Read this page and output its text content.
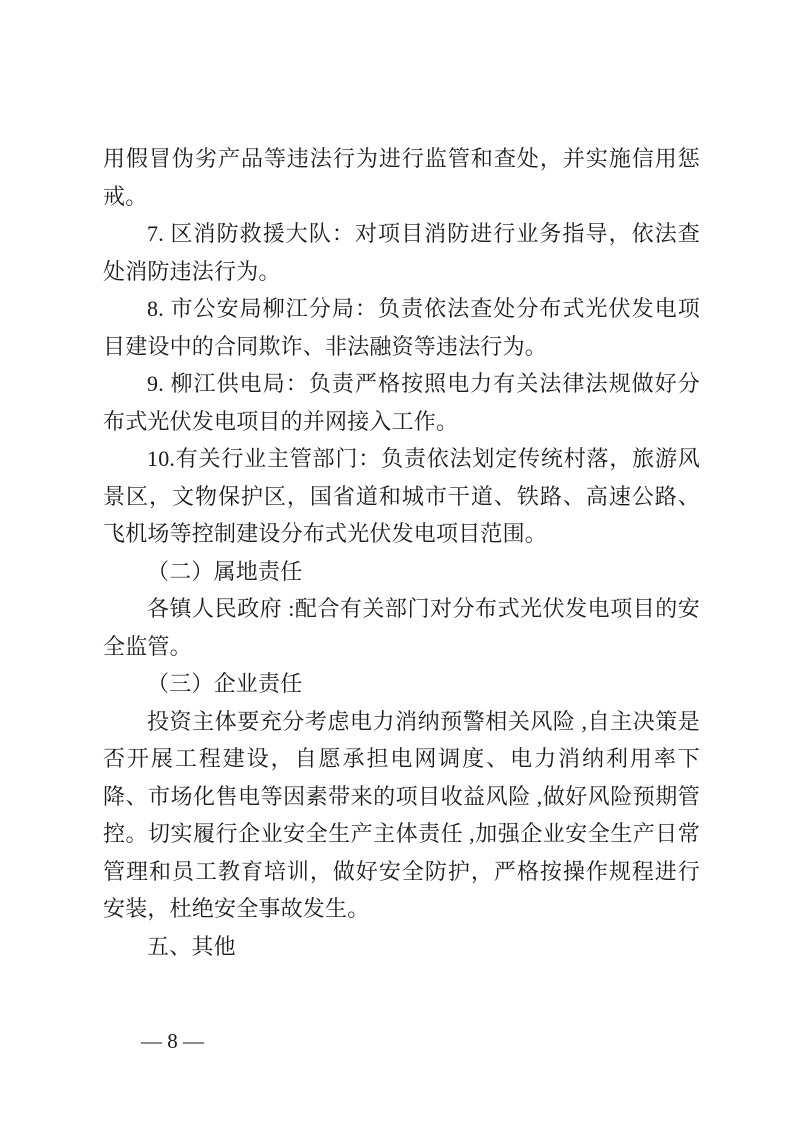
用假冒伪劣产品等违法行为进行监管和查处，并实施信用惩戒。

7. 区消防救援大队：对项目消防进行业务指导，依法查处消防违法行为。

8. 市公安局柳江分局：负责依法查处分布式光伏发电项目建设中的合同欺诈、非法融资等违法行为。

9. 柳江供电局：负责严格按照电力有关法律法规做好分布式光伏发电项目的并网接入工作。

10.有关行业主管部门：负责依法划定传统村落，旅游风景区，文物保护区，国省道和城市干道、铁路、高速公路、飞机场等控制建设分布式光伏发电项目范围。

（二）属地责任

各镇人民政府 :配合有关部门对分布式光伏发电项目的安全监管。

（三）企业责任

投资主体要充分考虑电力消纳预警相关风险 ,自主决策是否开展工程建设，自愿承担电网调度、电力消纳利用率下降、市场化售电等因素带来的项目收益风险 ,做好风险预期管控。切实履行企业安全生产主体责任 ,加强企业安全生产日常管理和员工教育培训，做好安全防护，严格按操作规程进行安装，杜绝安全事故发生。

五、其他

— 8 —
